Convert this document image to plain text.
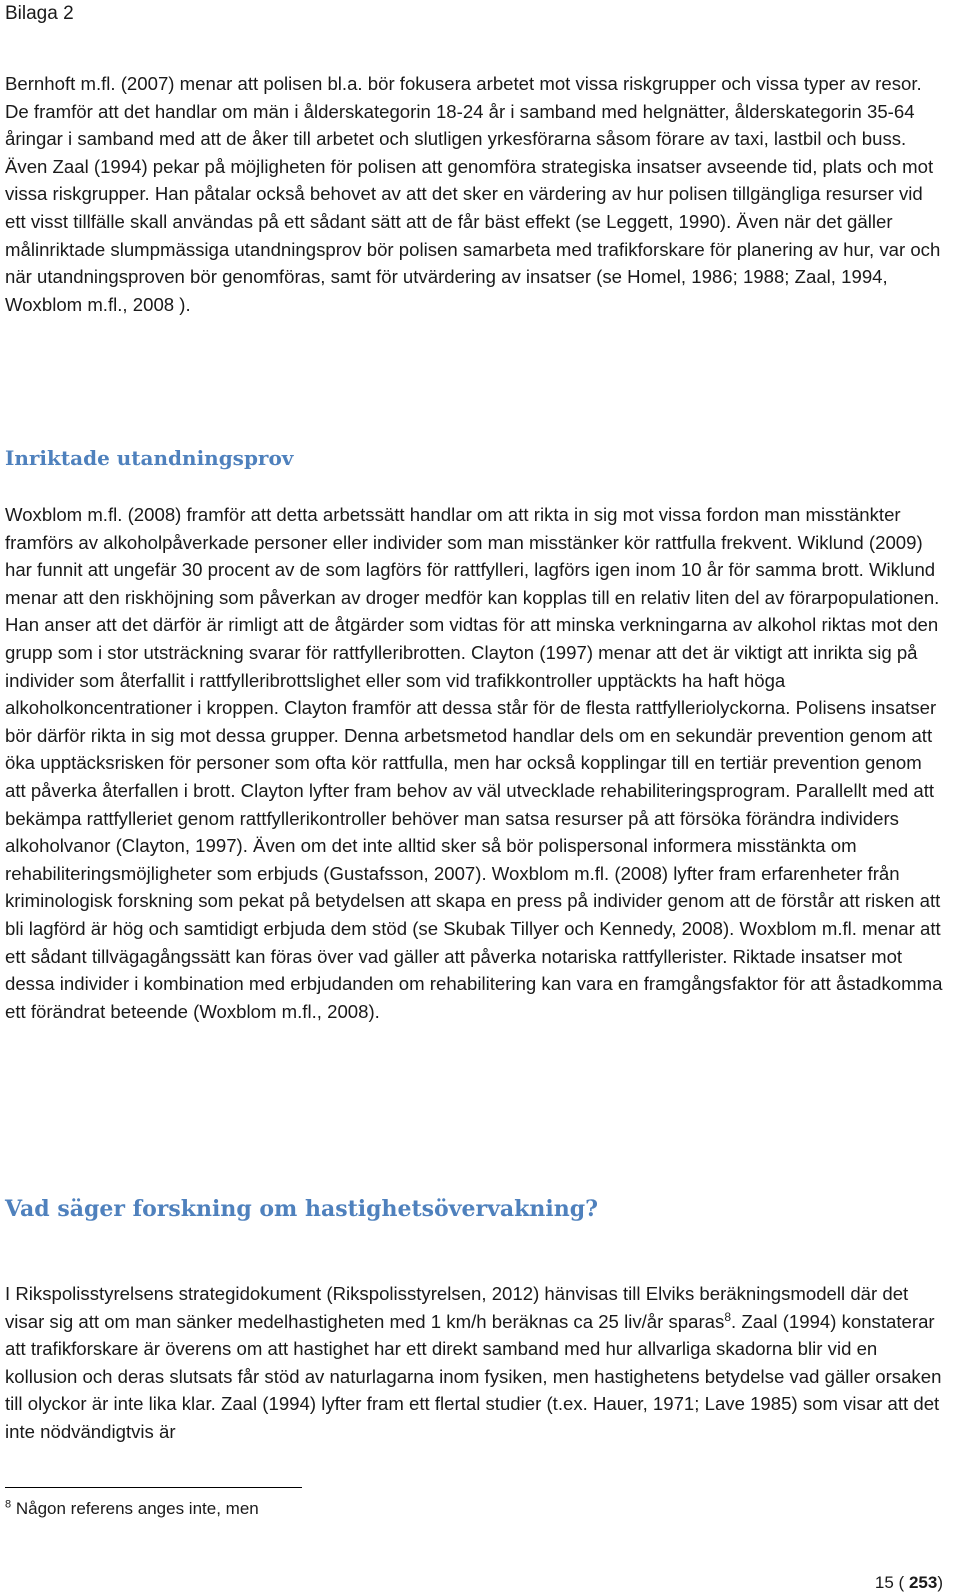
Bilaga 2

Bernhoft m.fl. (2007) menar att polisen bl.a. bör fokusera arbetet mot vissa riskgrupper och vissa typer av resor. De framför att det handlar om män i ålderskategorin 18-24 år i samband med helgnätter, ålderskategorin 35-64 åringar i samband med att de åker till arbetet och slutligen yrkesförarna såsom förare av taxi, lastbil och buss. Även Zaal (1994) pekar på möjligheten för polisen att genomföra strategiska insatser avseende tid, plats och mot vissa riskgrupper. Han påtalar också behovet av att det sker en värdering av hur polisen tillgängliga resurser vid ett visst tillfälle skall användas på ett sådant sätt att de får bäst effekt (se Leggett, 1990). Även när det gäller målinriktade slumpmässiga utandningsprov bör polisen samarbeta med trafikforskare för planering av hur, var och när utandningsproven bör genomföras, samt för utvärdering av insatser (se Homel, 1986; 1988; Zaal, 1994, Woxblom m.fl., 2008 ).

Inriktade utandningsprov

Woxblom m.fl. (2008) framför att detta arbetssätt handlar om att rikta in sig mot vissa fordon man misstänkter framförs av alkoholpåverkade personer eller individer som man misstänker kör rattfulla frekvent. Wiklund (2009) har funnit att ungefär 30 procent av de som lagförs för rattfylleri, lagförs igen inom 10 år för samma brott. Wiklund menar att den riskhöjning som påverkan av droger medför kan kopplas till en relativ liten del av förarpopulationen. Han anser att det därför är rimligt att de åtgärder som vidtas för att minska verkningarna av alkohol riktas mot den grupp som i stor utsträckning svarar för rattfylleribrotten. Clayton (1997) menar att det är viktigt att inrikta sig på individer som återfallit i rattfylleribrottslighet eller som vid trafikkontroller upptäckts ha haft höga alkoholkoncentrationer i kroppen. Clayton framför att dessa står för de flesta rattfylleriolyckorna. Polisens insatser bör därför rikta in sig mot dessa grupper. Denna arbetsmetod handlar dels om en sekundär prevention genom att öka upptäcksrisken för personer som ofta kör rattfulla, men har också kopplingar till en tertiär prevention genom att påverka återfallen i brott. Clayton lyfter fram behov av väl utvecklade rehabiliteringsprogram. Parallellt med att bekämpa rattfylleriet genom rattfyllerikontroller behöver man satsa resurser på att försöka förändra individers alkoholvanor (Clayton, 1997). Även om det inte alltid sker så bör polispersonal informera misstänkta om rehabiliteringsmöjligheter som erbjuds (Gustafsson, 2007). Woxblom m.fl. (2008) lyfter fram erfarenheter från kriminologisk forskning som pekat på betydelsen att skapa en press på individer genom att de förstår att risken att bli lagförd är hög och samtidigt erbjuda dem stöd (se Skubak Tillyer och Kennedy, 2008). Woxblom m.fl. menar att ett sådant tillvägagångssätt kan föras över vad gäller att påverka notariska rattfyllerister. Riktade insatser mot dessa individer i kombination med erbjudanden om rehabilitering kan vara en framgångsfaktor för att åstadkomma ett förändrat beteende (Woxblom m.fl., 2008).

Vad säger forskning om hastighetsövervakning?

I Rikspolisstyrelsens strategidokument (Rikspolisstyrelsen, 2012) hänvisas till Elviks beräkningsmodell där det visar sig att om man sänker medelhastigheten med 1 km/h beräknas ca 25 liv/år sparas$^8$. Zaal (1994) konstaterar att trafikforskare är överens om att hastighet har ett direkt samband med hur allvarliga skadorna blir vid en kollusion och deras slutsats får stöd av naturlagarna inom fysiken, men hastighetens betydelse vad gäller orsaken till olyckor är inte lika klar. Zaal (1994) lyfter fram ett flertal studier (t.ex. Hauer, 1971; Lave 1985) som visar att det inte nödvändigtvis är

$^8$ Någon referens anges inte, men
15 ( 253)
